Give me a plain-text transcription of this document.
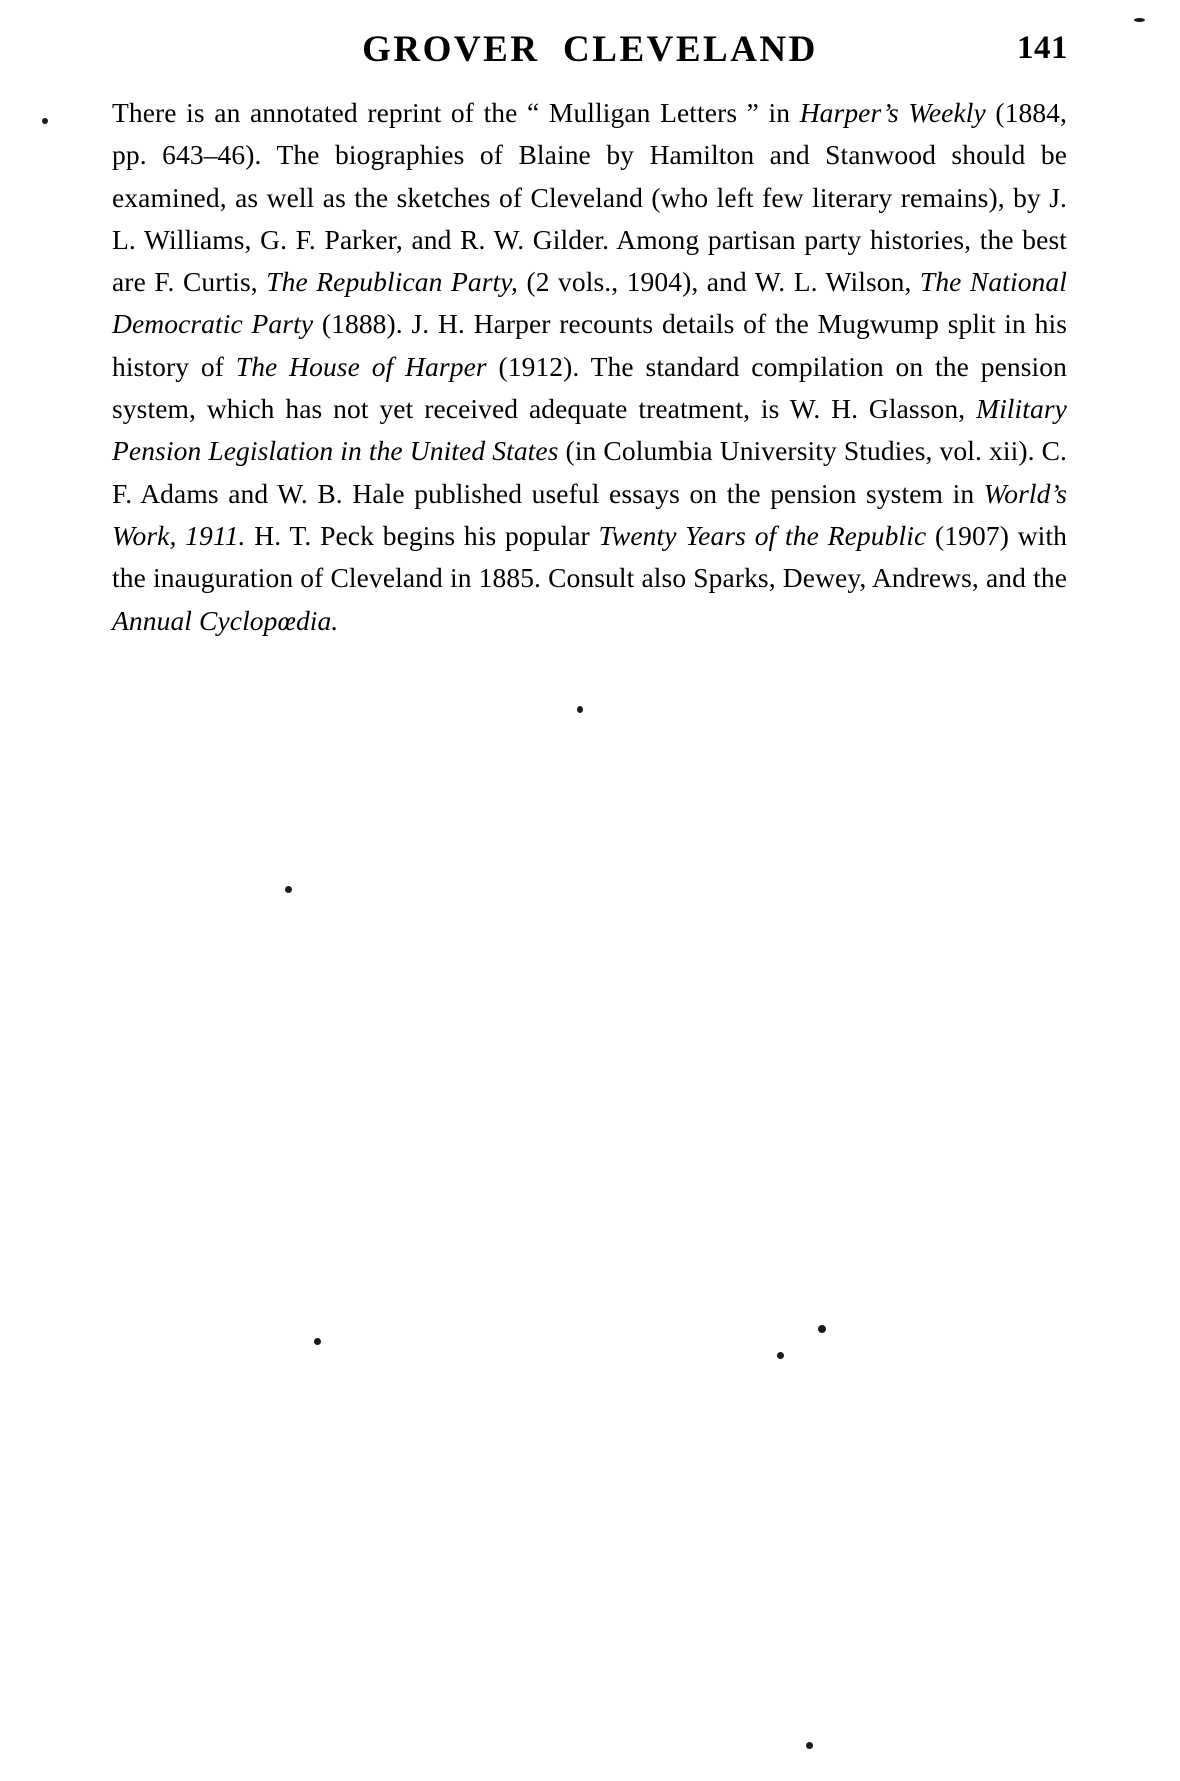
GROVER  CLEVELAND	141
There is an annotated reprint of the “ Mulligan Letters ” in Harper’s Weekly (1884, pp. 643–46). The biographies of Blaine by Hamilton and Stanwood should be examined, as well as the sketches of Cleveland (who left few literary remains), by J. L. Williams, G. F. Parker, and R. W. Gilder. Among partisan party histories, the best are F. Curtis, The Republican Party, (2 vols., 1904), and W. L. Wilson, The National Democratic Party (1888). J. H. Harper recounts details of the Mugwump split in his history of The House of Harper (1912). The standard compilation on the pension system, which has not yet received adequate treatment, is W. H. Glasson, Military Pension Legislation in the United States (in Columbia University Studies, vol. xii). C. F. Adams and W. B. Hale published useful essays on the pension system in World’s Work, 1911. H. T. Peck begins his popular Twenty Years of the Republic (1907) with the inauguration of Cleveland in 1885. Consult also Sparks, Dewey, Andrews, and the Annual Cyclopœdia.
